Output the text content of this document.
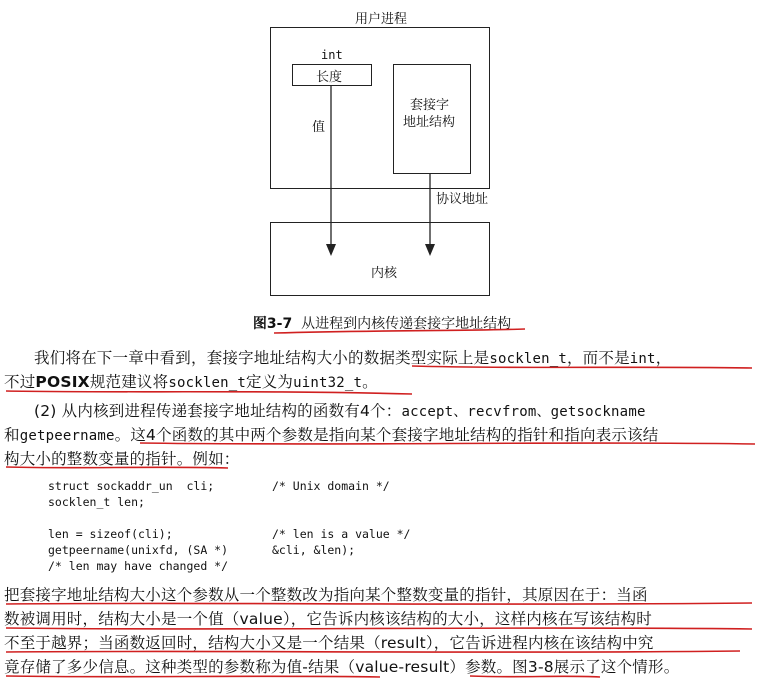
用户进程
int
长度
套接字
地址结构
值
协议地址
内核
图3-7 从进程到内核传递套接字地址结构
我们将在下一章中看到，套接字地址结构大小的数据类型实际上是socklen_t，而不是int，
不过POSIX规范建议将socklen_t定义为uint32_t。
(2) 从内核到进程传递套接字地址结构的函数有4个：accept、recvfrom、getsockname
和getpeername。这4个函数的其中两个参数是指向某个套接字地址结构的指针和指向表示该结
构大小的整数变量的指针。例如：
struct sockaddr_un  cli;	/* Unix domain */
socklen_t len;
len = sizeof(cli);	/* len is a value */
getpeername(unixfd, (SA *)	&cli, &len);
/* len may have changed */
把套接字地址结构大小这个参数从一个整数改为指向某个整数变量的指针，其原因在于：当函
数被调用时，结构大小是一个值（value），它告诉内核该结构的大小，这样内核在写该结构时
不至于越界；当函数返回时，结构大小又是一个结果（result），它告诉进程内核在该结构中究
竟存储了多少信息。这种类型的参数称为值-结果（value-result）参数。图3-8展示了这个情形。
